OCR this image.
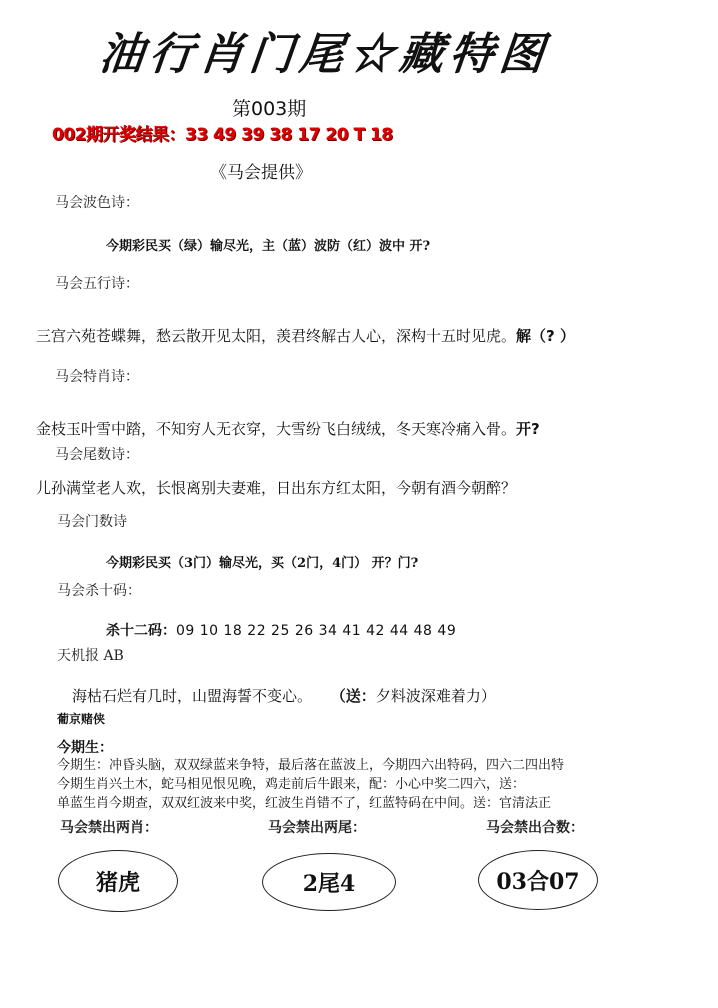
油行肖门尾☆藏特图
第003期
002期开奖结果：33 49 39 38 17 20 T 18
《马会提供》
马会波色诗：
今期彩民买（绿）输尽光，主（蓝）波防（红）波中 开?
马会五行诗：
三宫六苑苍蝶舞，愁云散开见太阳，羡君终解古人心，深构十五时见虎。解（? ）
马会特肖诗：
金枝玉叶雪中踏，不知穷人无衣穿，大雪纷飞白绒绒，冬天寒冷痛入骨。开?
马会尾数诗：
儿孙满堂老人欢，长恨离别夫妻难，日出东方红太阳，今朝有酒今朝醉？
马会门数诗
今期彩民买（3门）输尽光，买（2门，4门） 开？门?
马会杀十码：
杀十二码：09 10 18 22 25 26 34 41 42 44 48 49
天机报 AB
海枯石烂有几时，山盟海誓不变心。 （送：夕料波深难着力）
葡京赌侠
今期生：
今期生：冲昏头脑，双双绿蓝来争特，最后落在蓝波上，今期四六出特码，四六二四出特
今期生肖兴土木，蛇马相见恨见晚，鸡走前后牛跟来，配：小心中奖二四六，送：
单蓝生肖今期查，双双红波来中奖，红波生肖错不了，红蓝特码在中间。送：官清法正
马会禁出两肖：	马会禁出两尾：	马会禁出合数：
猪虎	2尾4	03合07
